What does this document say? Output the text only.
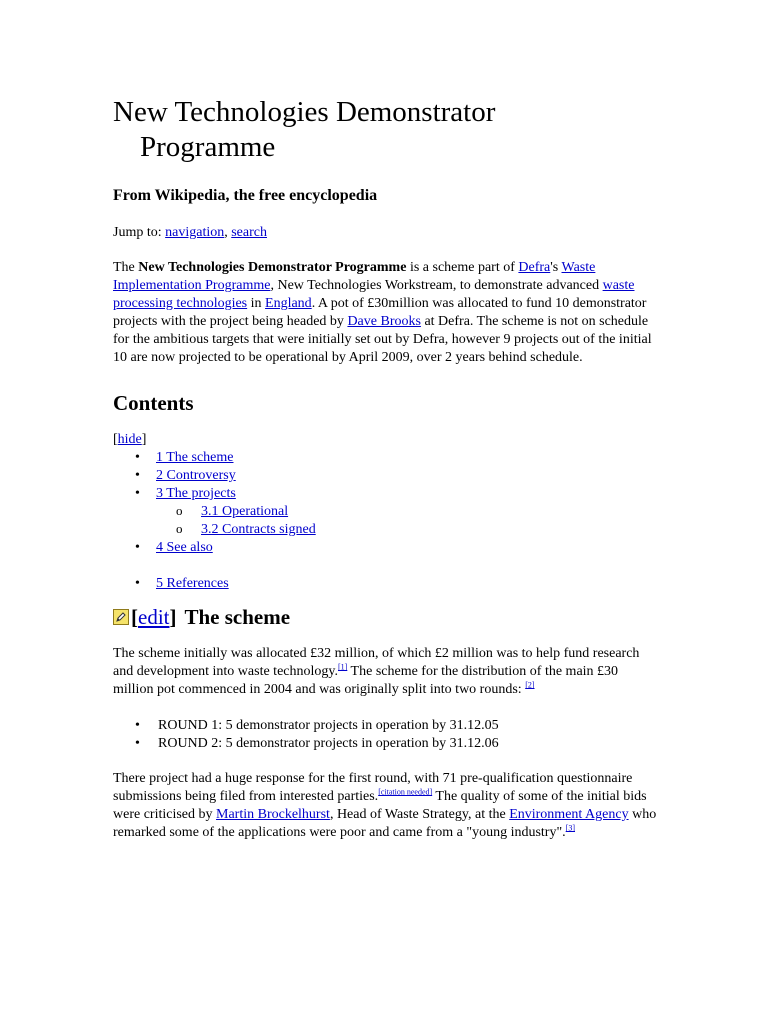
New Technologies Demonstrator Programme

From Wikipedia, the free encyclopedia

Jump to: navigation, search

The New Technologies Demonstrator Programme is a scheme part of Defra's Waste Implementation Programme, New Technologies Workstream, to demonstrate advanced waste processing technologies in England. A pot of £30million was allocated to fund 10 demonstrator projects with the project being headed by Dave Brooks at Defra. The scheme is not on schedule for the ambitious targets that were initially set out by Defra, however 9 projects out of the initial 10 are now projected to be operational by April 2009, over 2 years behind schedule.

Contents

[hide]

• 1 The scheme
• 2 Controversy
• 3 The projects
o 3.1 Operational
o 3.2 Contracts signed
• 4 See also
• 5 References
[ edit ] The scheme

The scheme initially was allocated £32 million, of which £2 million was to help fund research and development into waste technology.[1] The scheme for the distribution of the main £30 million pot commenced in 2004 and was originally split into two rounds: [2]

• ROUND 1: 5 demonstrator projects in operation by 31.12.05
• ROUND 2: 5 demonstrator projects in operation by 31.12.06

There project had a huge response for the first round, with 71 pre-qualification questionnaire submissions being filed from interested parties.[citation needed] The quality of some of the initial bids were criticised by Martin Brockelhurst, Head of Waste Strategy, at the Environment Agency who remarked some of the applications were poor and came from a "young industry".[3]
